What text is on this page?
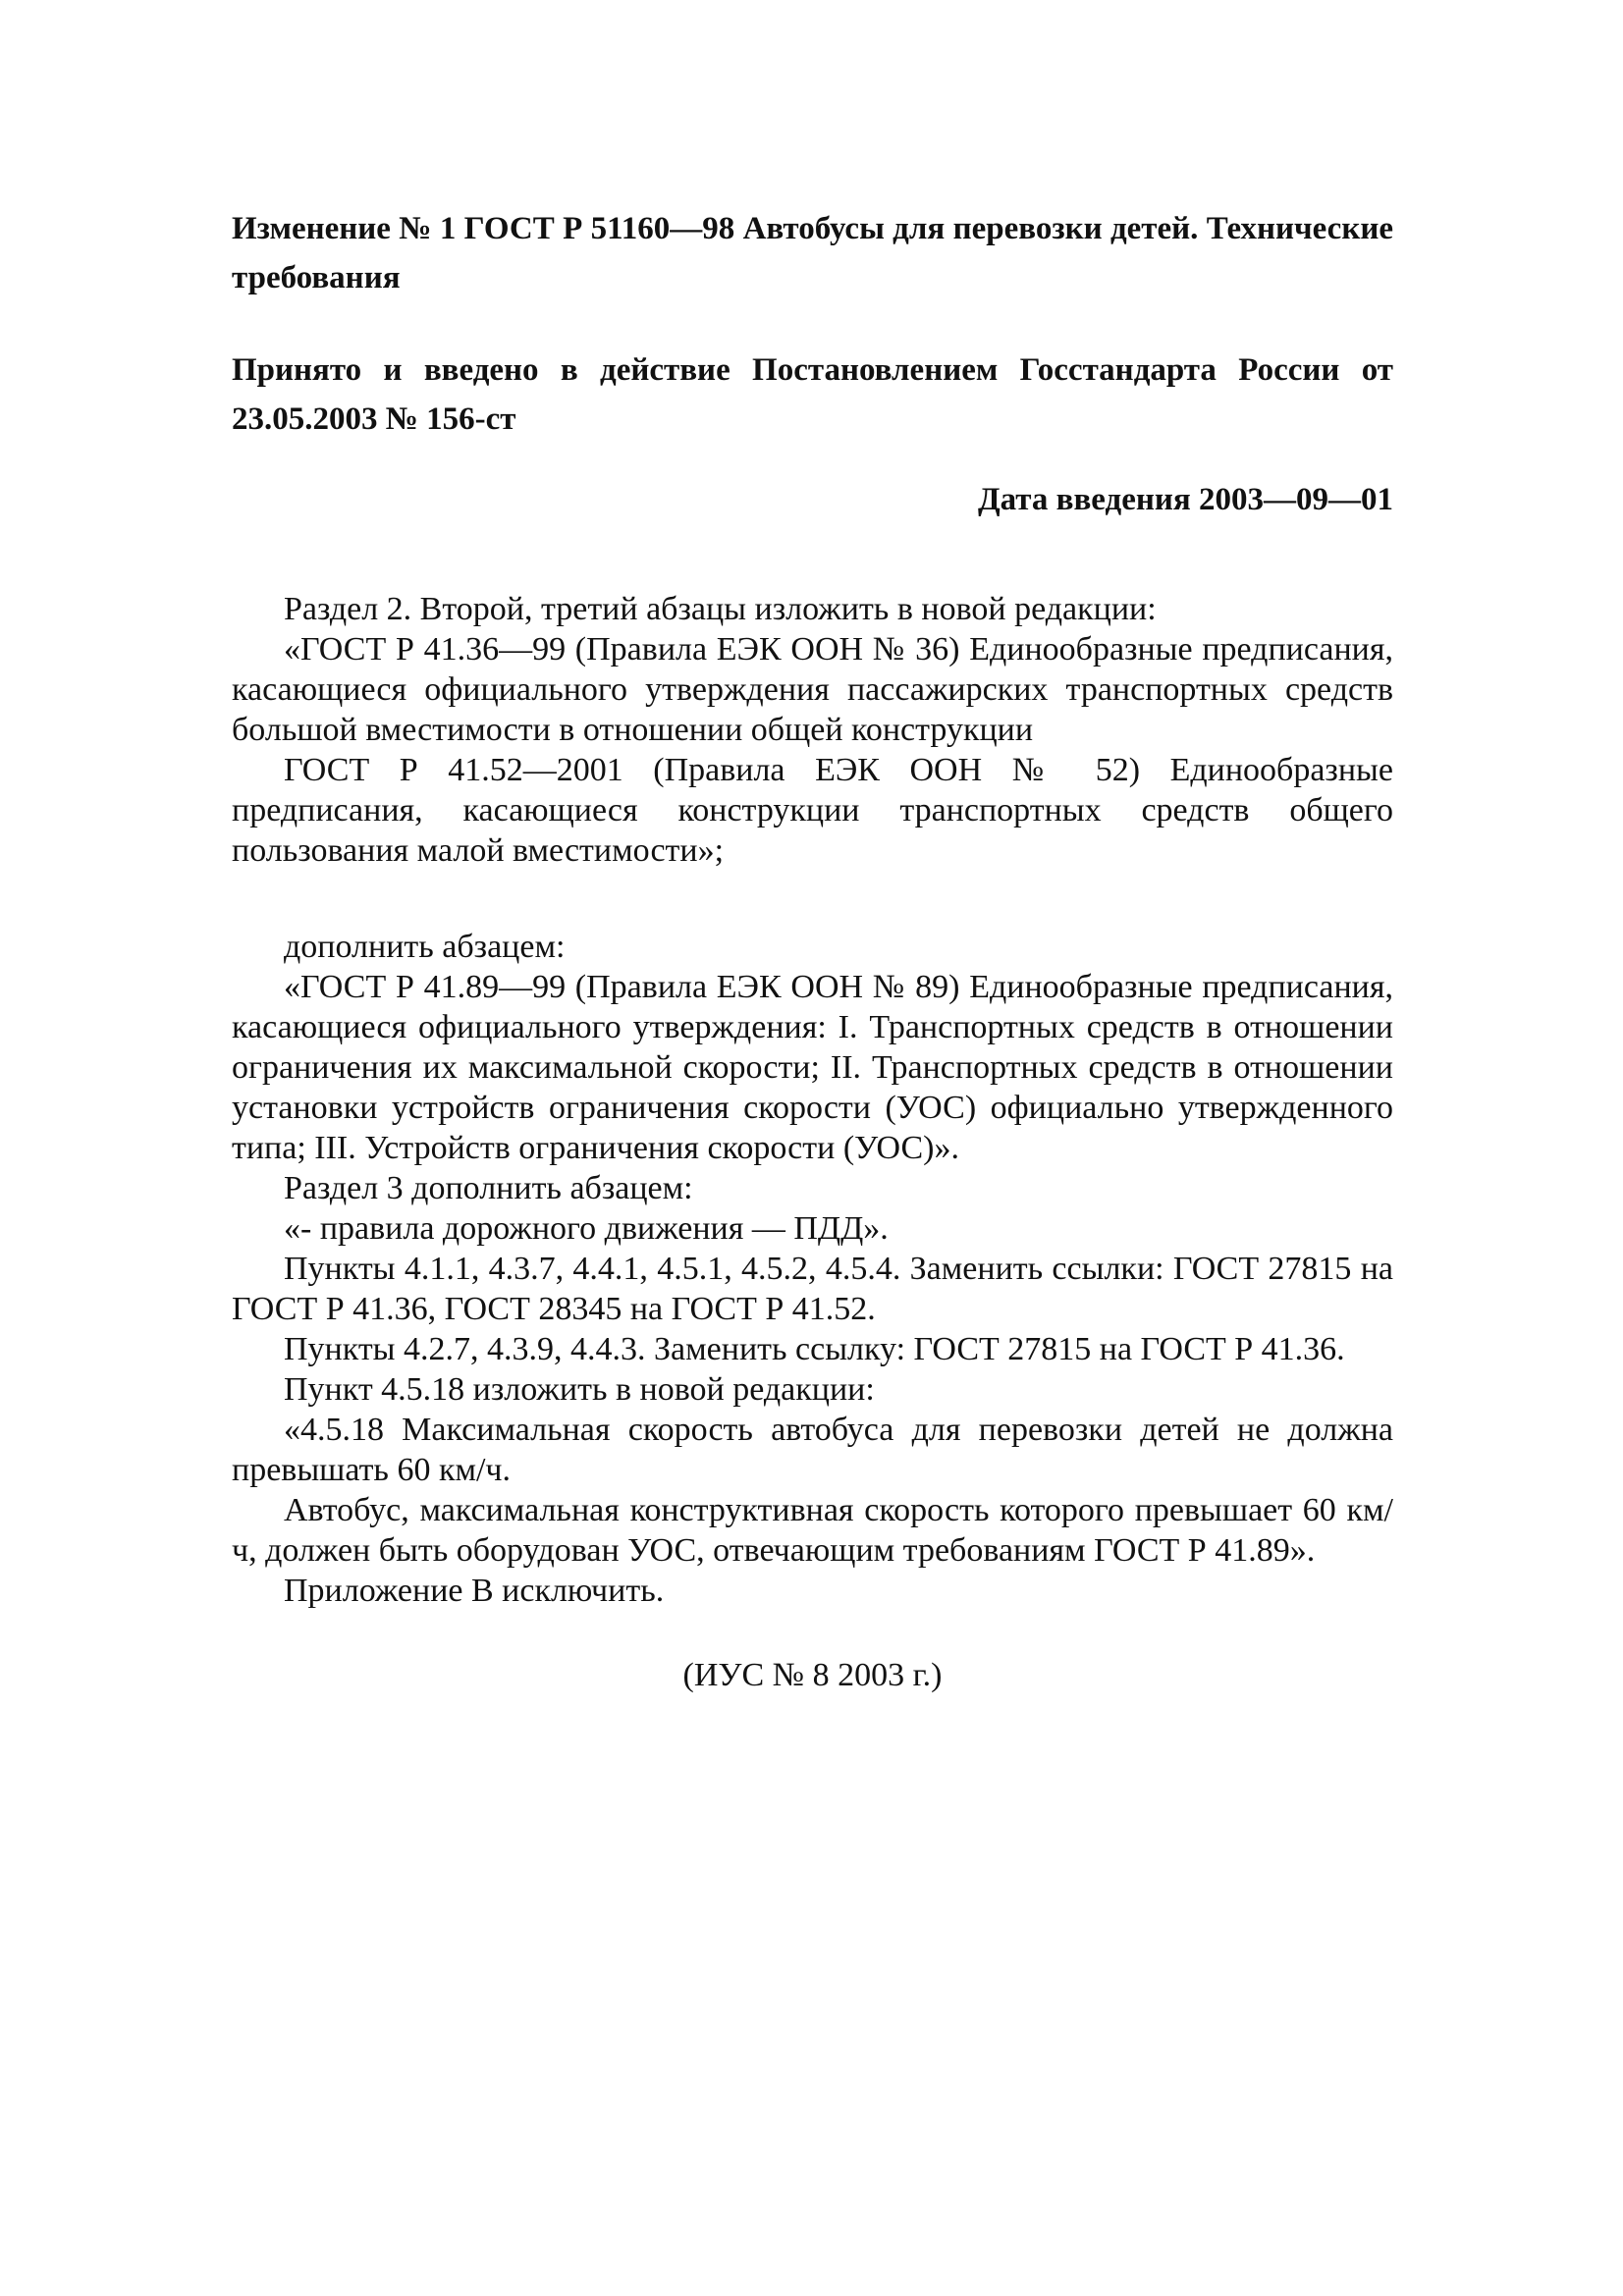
Изменение № 1 ГОСТ Р 51160—98 Автобусы для перевозки детей. Технические требования

Принято и введено в действие Постановлением Госстандарта России от 23.05.2003 № 156-ст

Дата введения 2003—09—01

Раздел 2. Второй, третий абзацы изложить в новой редакции:

«ГОСТ Р 41.36—99 (Правила ЕЭК ООН № 36) Единообразные предписания, касающиеся официального утверждения пассажирских транспортных средств большой вместимости в отношении общей конструкции

ГОСТ Р 41.52—2001 (Правила ЕЭК ООН № 52) Единообразные предписания, касающиеся конструкции транспортных средств общего пользования малой вместимости»;

дополнить абзацем:

«ГОСТ Р 41.89—99 (Правила ЕЭК ООН № 89) Единообразные предписания, касающиеся официального утверждения: I. Транспортных средств в отношении ограничения их максимальной скорости; II. Транспортных средств в отношении установки устройств ограничения скорости (УОС) официально утвержденного типа; III. Устройств ограничения скорости (УОС)».

Раздел 3 дополнить абзацем:

«- правила дорожного движения — ПДД».

Пункты 4.1.1, 4.3.7, 4.4.1, 4.5.1, 4.5.2, 4.5.4. Заменить ссылки: ГОСТ 27815 на ГОСТ Р 41.36, ГОСТ 28345 на ГОСТ Р 41.52.

Пункты 4.2.7, 4.3.9, 4.4.3. Заменить ссылку: ГОСТ 27815 на ГОСТ Р 41.36.

Пункт 4.5.18 изложить в новой редакции:

«4.5.18 Максимальная скорость автобуса для перевозки детей не должна превышать 60 км/ч.

Автобус, максимальная конструктивная скорость которого превышает 60 км/ч, должен быть оборудован УОС, отвечающим требованиям ГОСТ Р 41.89».

Приложение В исключить.

(ИУС № 8 2003 г.)
